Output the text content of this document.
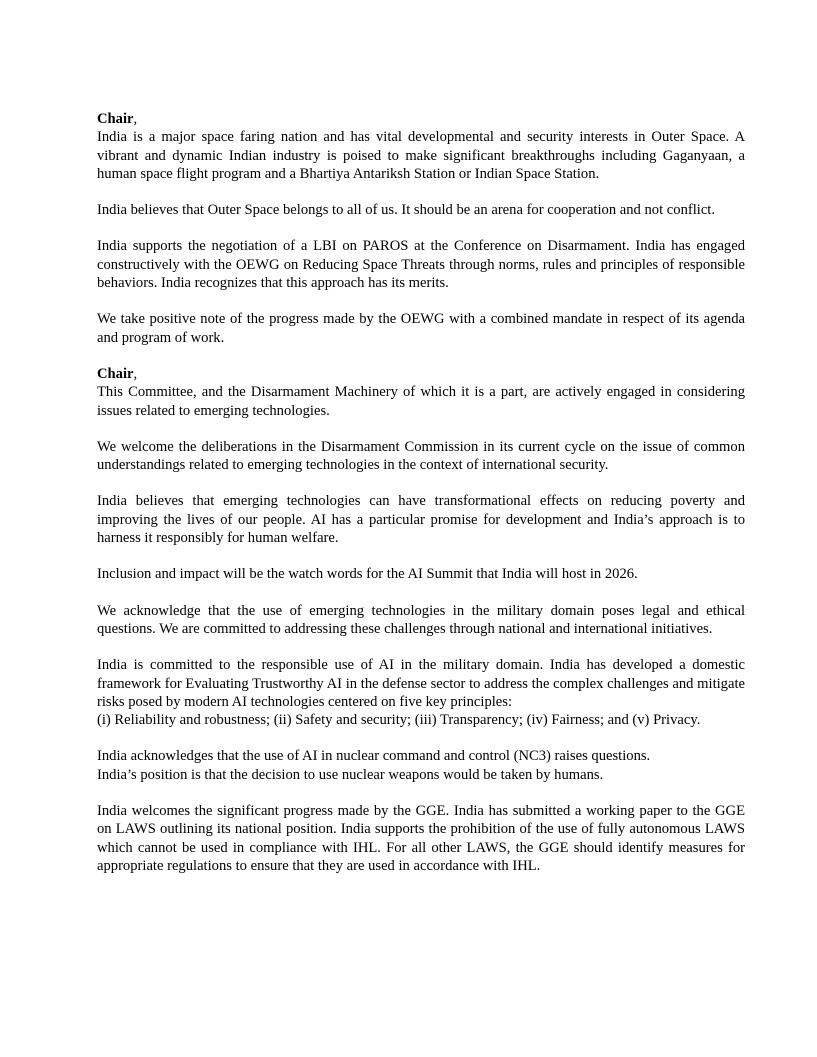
Chair,
India is a major space faring nation and has vital developmental and security interests in Outer Space. A vibrant and dynamic Indian industry is poised to make significant breakthroughs including Gaganyaan, a human space flight program and a Bhartiya Antariksh Station or Indian Space Station.

India believes that Outer Space belongs to all of us. It should be an arena for cooperation and not conflict.

India supports the negotiation of a LBI on PAROS at the Conference on Disarmament. India has engaged constructively with the OEWG on Reducing Space Threats through norms, rules and principles of responsible behaviors. India recognizes that this approach has its merits.

We take positive note of the progress made by the OEWG with a combined mandate in respect of its agenda and program of work.

Chair,
This Committee, and the Disarmament Machinery of which it is a part, are actively engaged in considering issues related to emerging technologies.

We welcome the deliberations in the Disarmament Commission in its current cycle on the issue of common understandings related to emerging technologies in the context of international security.

India believes that emerging technologies can have transformational effects on reducing poverty and improving the lives of our people. AI has a particular promise for development and India’s approach is to harness it responsibly for human welfare.

Inclusion and impact will be the watch words for the AI Summit that India will host in 2026.

We acknowledge that the use of emerging technologies in the military domain poses legal and ethical questions. We are committed to addressing these challenges through national and international initiatives.

India is committed to the responsible use of AI in the military domain. India has developed a domestic framework for Evaluating Trustworthy AI in the defense sector to address the complex challenges and mitigate risks posed by modern AI technologies centered on five key principles:
(i) Reliability and robustness; (ii) Safety and security; (iii) Transparency; (iv) Fairness; and (v) Privacy.
India acknowledges that the use of AI in nuclear command and control (NC3) raises questions.
India’s position is that the decision to use nuclear weapons would be taken by humans.

India welcomes the significant progress made by the GGE. India has submitted a working paper to the GGE on LAWS outlining its national position. India supports the prohibition of the use of fully autonomous LAWS which cannot be used in compliance with IHL. For all other LAWS, the GGE should identify measures for appropriate regulations to ensure that they are used in accordance with IHL.
